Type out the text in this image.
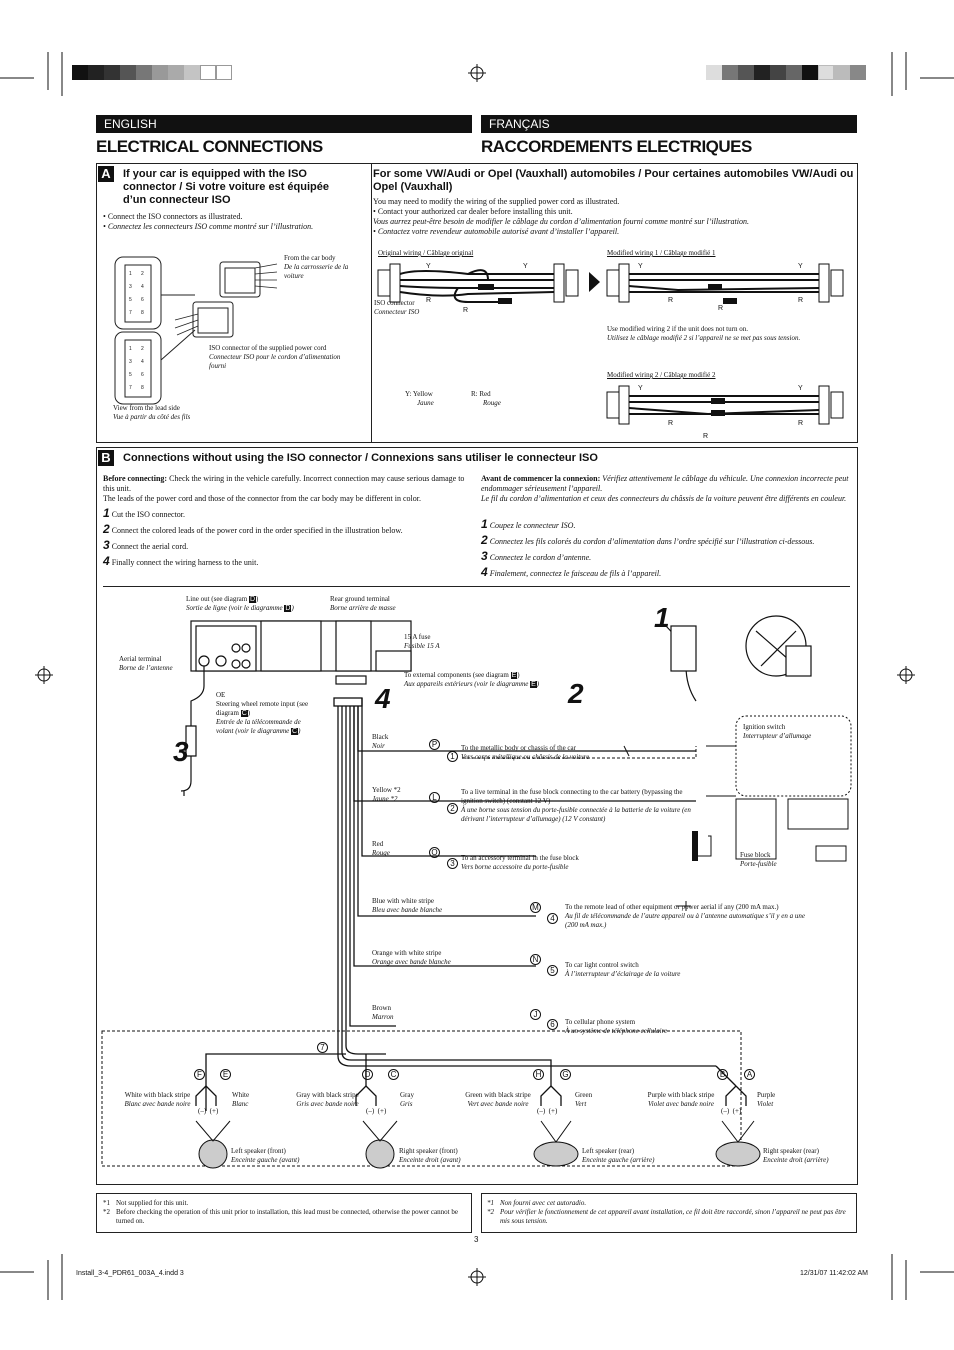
ENGLISH	FRANÇAIS
ELECTRICAL CONNECTIONS	RACCORDEMENTS ELECTRIQUES
A	If your car is equipped with the ISO connector / Si votre voiture est équipée d’un connecteur ISO
• Connect the ISO connectors as illustrated.
• Connectez les connecteurs ISO comme montré sur l’illustration.
1 2
3 4
5 6
7 8
1 2
3 4
5 6
7 8
From the car body
De la carrosserie de la voiture
ISO connector of the supplied power cord
Connecteur ISO pour le cordon d’alimentation fourni
View from the lead side
Vue à partir du côté des fils
For some VW/Audi or Opel (Vauxhall) automobiles / Pour certaines automobiles VW/Audi ou Opel (Vauxhall)
You may need to modify the wiring of the supplied power cord as illustrated.
• Contact your authorized car dealer before installing this unit.
Vous aurrez peut-être besoin de modifier le câblage du cordon d’alimentation fourni comme montré sur l’illustration.
• Contactez votre revendeur automobile autorisé avant d’installer l’appareil.
Original wiring / Câblage original	Modified wiring 1 / Câblage modifié 1
Modified wiring 2 / Câblage modifié 2
Y	Y
R
R
Y	Y
R
R
R
Y	Y
R
R
R
ISO connector
Connecteur ISO
Use modified wiring 2 if the unit does not turn on.
Utilisez le câblage modifié 2 si l’appareil ne se met pas sous tension.
Y: Yellow
Jaune
R: Red
Rouge
B	Connections without using the ISO connector / Connexions sans utiliser le connecteur ISO
Before connecting: Check the wiring in the vehicle carefully. Incorrect connection may cause serious damage to this unit.
The leads of the power cord and those of the connector from the car body may be different in color.
1 Cut the ISO connector.
2 Connect the colored leads of the power cord in the order specified in the illustration below.
3 Connect the aerial cord.
4 Finally connect the wiring harness to the unit.
Avant de commencer la connexion: Vérifiez attentivement le câblage du véhicule. Une connexion incorrecte peut endommager sérieusement l’appareil.
Le fil du cordon d’alimentation et ceux des connecteurs du châssis de la voiture peuvent être différents en couleur.
1 Coupez le connecteur ISO.
2 Connectez les fils colorés du cordon d’alimentation dans l’ordre spécifié sur l’illustration ci-dessous.
3 Connectez le cordon d’antenne.
4 Finalement, connectez le faisceau de fils à l’appareil.
1
2
3
4
Line out (see diagram D)
Sortie de ligne (voir le diagramme D)
Rear ground terminal
Borne arrière de masse
15 A fuse
Fusible 15 A
Aerial terminal
Borne de l’antenne
To external components (see diagram E)
Aux appareils extérieurs (voir le diagramme E)
OE
Steering wheel remote input (see diagram C)
Entrée de la télécommande de volant (voir le diagramme C)	Ignition switch
Interrupteur d’allumage
Fuse block
Porte-fusible
Black
Noir	P
1
To the metallic body or chassis of the car
Vers corps métallique ou châssis de la voiture
Yellow *2
Jaune *2	L
2
To a live terminal in the fuse block connecting to the car battery (bypassing the ignition switch) (constant 12 V)
À une borne sous tension du porte-fusible connectée à la batterie de la voiture (en dérivant l’interrupteur d’allumage) (12 V constant)
Red
Rouge	O
3
To an accessory terminal in the fuse block
Vers borne accessoire du porte-fusible
Blue with white stripe
Bleu avec bande blanche	M
4
To the remote lead of other equipment or power aerial if any (200 mA max.)
Au fil de télécommande de l’autre appareil ou à l’antenne automatique s’il y en a une (200 mA max.)
Orange with white stripe
Orange avec bande blanche	N
5
To car light control switch
À l’interrupteur d’éclairage de la voiture
Brown
Marron	J
6	To cellular phone system
À un système de téléphone cellulaire
7
F	E
White with black stripe
Blanc avec bande noire
White
Blanc
Left speaker (front)
Enceinte gauche (avant)
(–) (+)
D	C
Gray with black stripe
Gris avec bande noire
Gray
Gris
Right speaker (front)
Enceinte droit (avant)
(–) (+)
H	G
Green with black stripe
Vert avec bande noire
Green
Vert
Left speaker (rear)
Enceinte gauche (arrière)
(–) (+)
B	A
Purple with black stripe
Violet avec bande noire
Purple
Violet
Right speaker (rear)
Enceinte droit (arrière)
(–) (+)
*1 Not supplied for this unit.
*2 Before checking the operation of this unit prior to installation, this lead must be connected, otherwise the power cannot be turned on.
*1 Non fourni avec cet autoradio.
*2 Pour vérifier le fonctionnement de cet appareil avant installation, ce fil doit être raccordé, sinon l’appareil ne peut pas être mis sous tension.
3
Install_3-4_PDR61_003A_4.indd 3	12/31/07 11:42:02 AM
